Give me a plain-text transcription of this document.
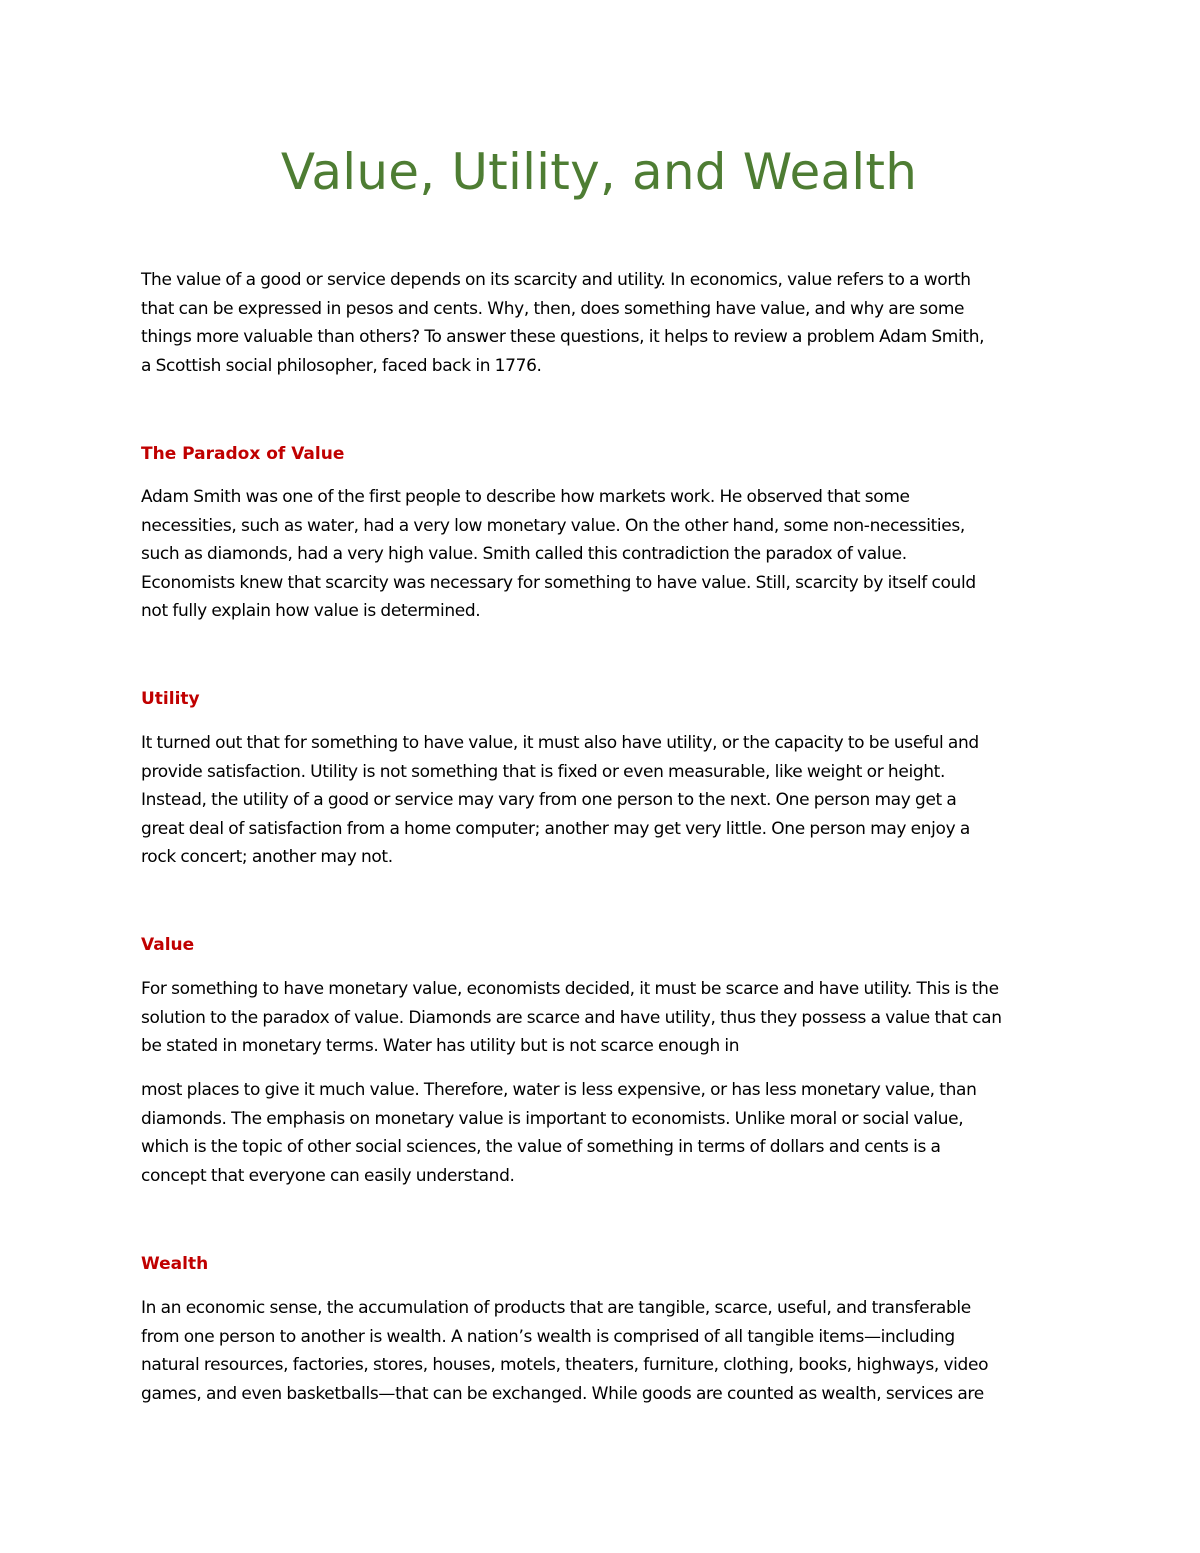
Value, Utility, and Wealth

The value of a good or service depends on its scarcity and utility. In economics, value refers to a worth
that can be expressed in pesos and cents. Why, then, does something have value, and why are some
things more valuable than others? To answer these questions, it helps to review a problem Adam Smith,
a Scottish social philosopher, faced back in 1776.

The Paradox of Value

Adam Smith was one of the first people to describe how markets work. He observed that some
necessities, such as water, had a very low monetary value. On the other hand, some non-necessities,
such as diamonds, had a very high value. Smith called this contradiction the paradox of value.
Economists knew that scarcity was necessary for something to have value. Still, scarcity by itself could
not fully explain how value is determined.

Utility

It turned out that for something to have value, it must also have utility, or the capacity to be useful and
provide satisfaction. Utility is not something that is fixed or even measurable, like weight or height.
Instead, the utility of a good or service may vary from one person to the next. One person may get a
great deal of satisfaction from a home computer; another may get very little. One person may enjoy a
rock concert; another may not.

Value

For something to have monetary value, economists decided, it must be scarce and have utility. This is the
solution to the paradox of value. Diamonds are scarce and have utility, thus they possess a value that can
be stated in monetary terms. Water has utility but is not scarce enough in

most places to give it much value. Therefore, water is less expensive, or has less monetary value, than
diamonds. The emphasis on monetary value is important to economists. Unlike moral or social value,
which is the topic of other social sciences, the value of something in terms of dollars and cents is a
concept that everyone can easily understand.

Wealth

In an economic sense, the accumulation of products that are tangible, scarce, useful, and transferable
from one person to another is wealth. A nation’s wealth is comprised of all tangible items—including
natural resources, factories, stores, houses, motels, theaters, furniture, clothing, books, highways, video
games, and even basketballs—that can be exchanged. While goods are counted as wealth, services are
